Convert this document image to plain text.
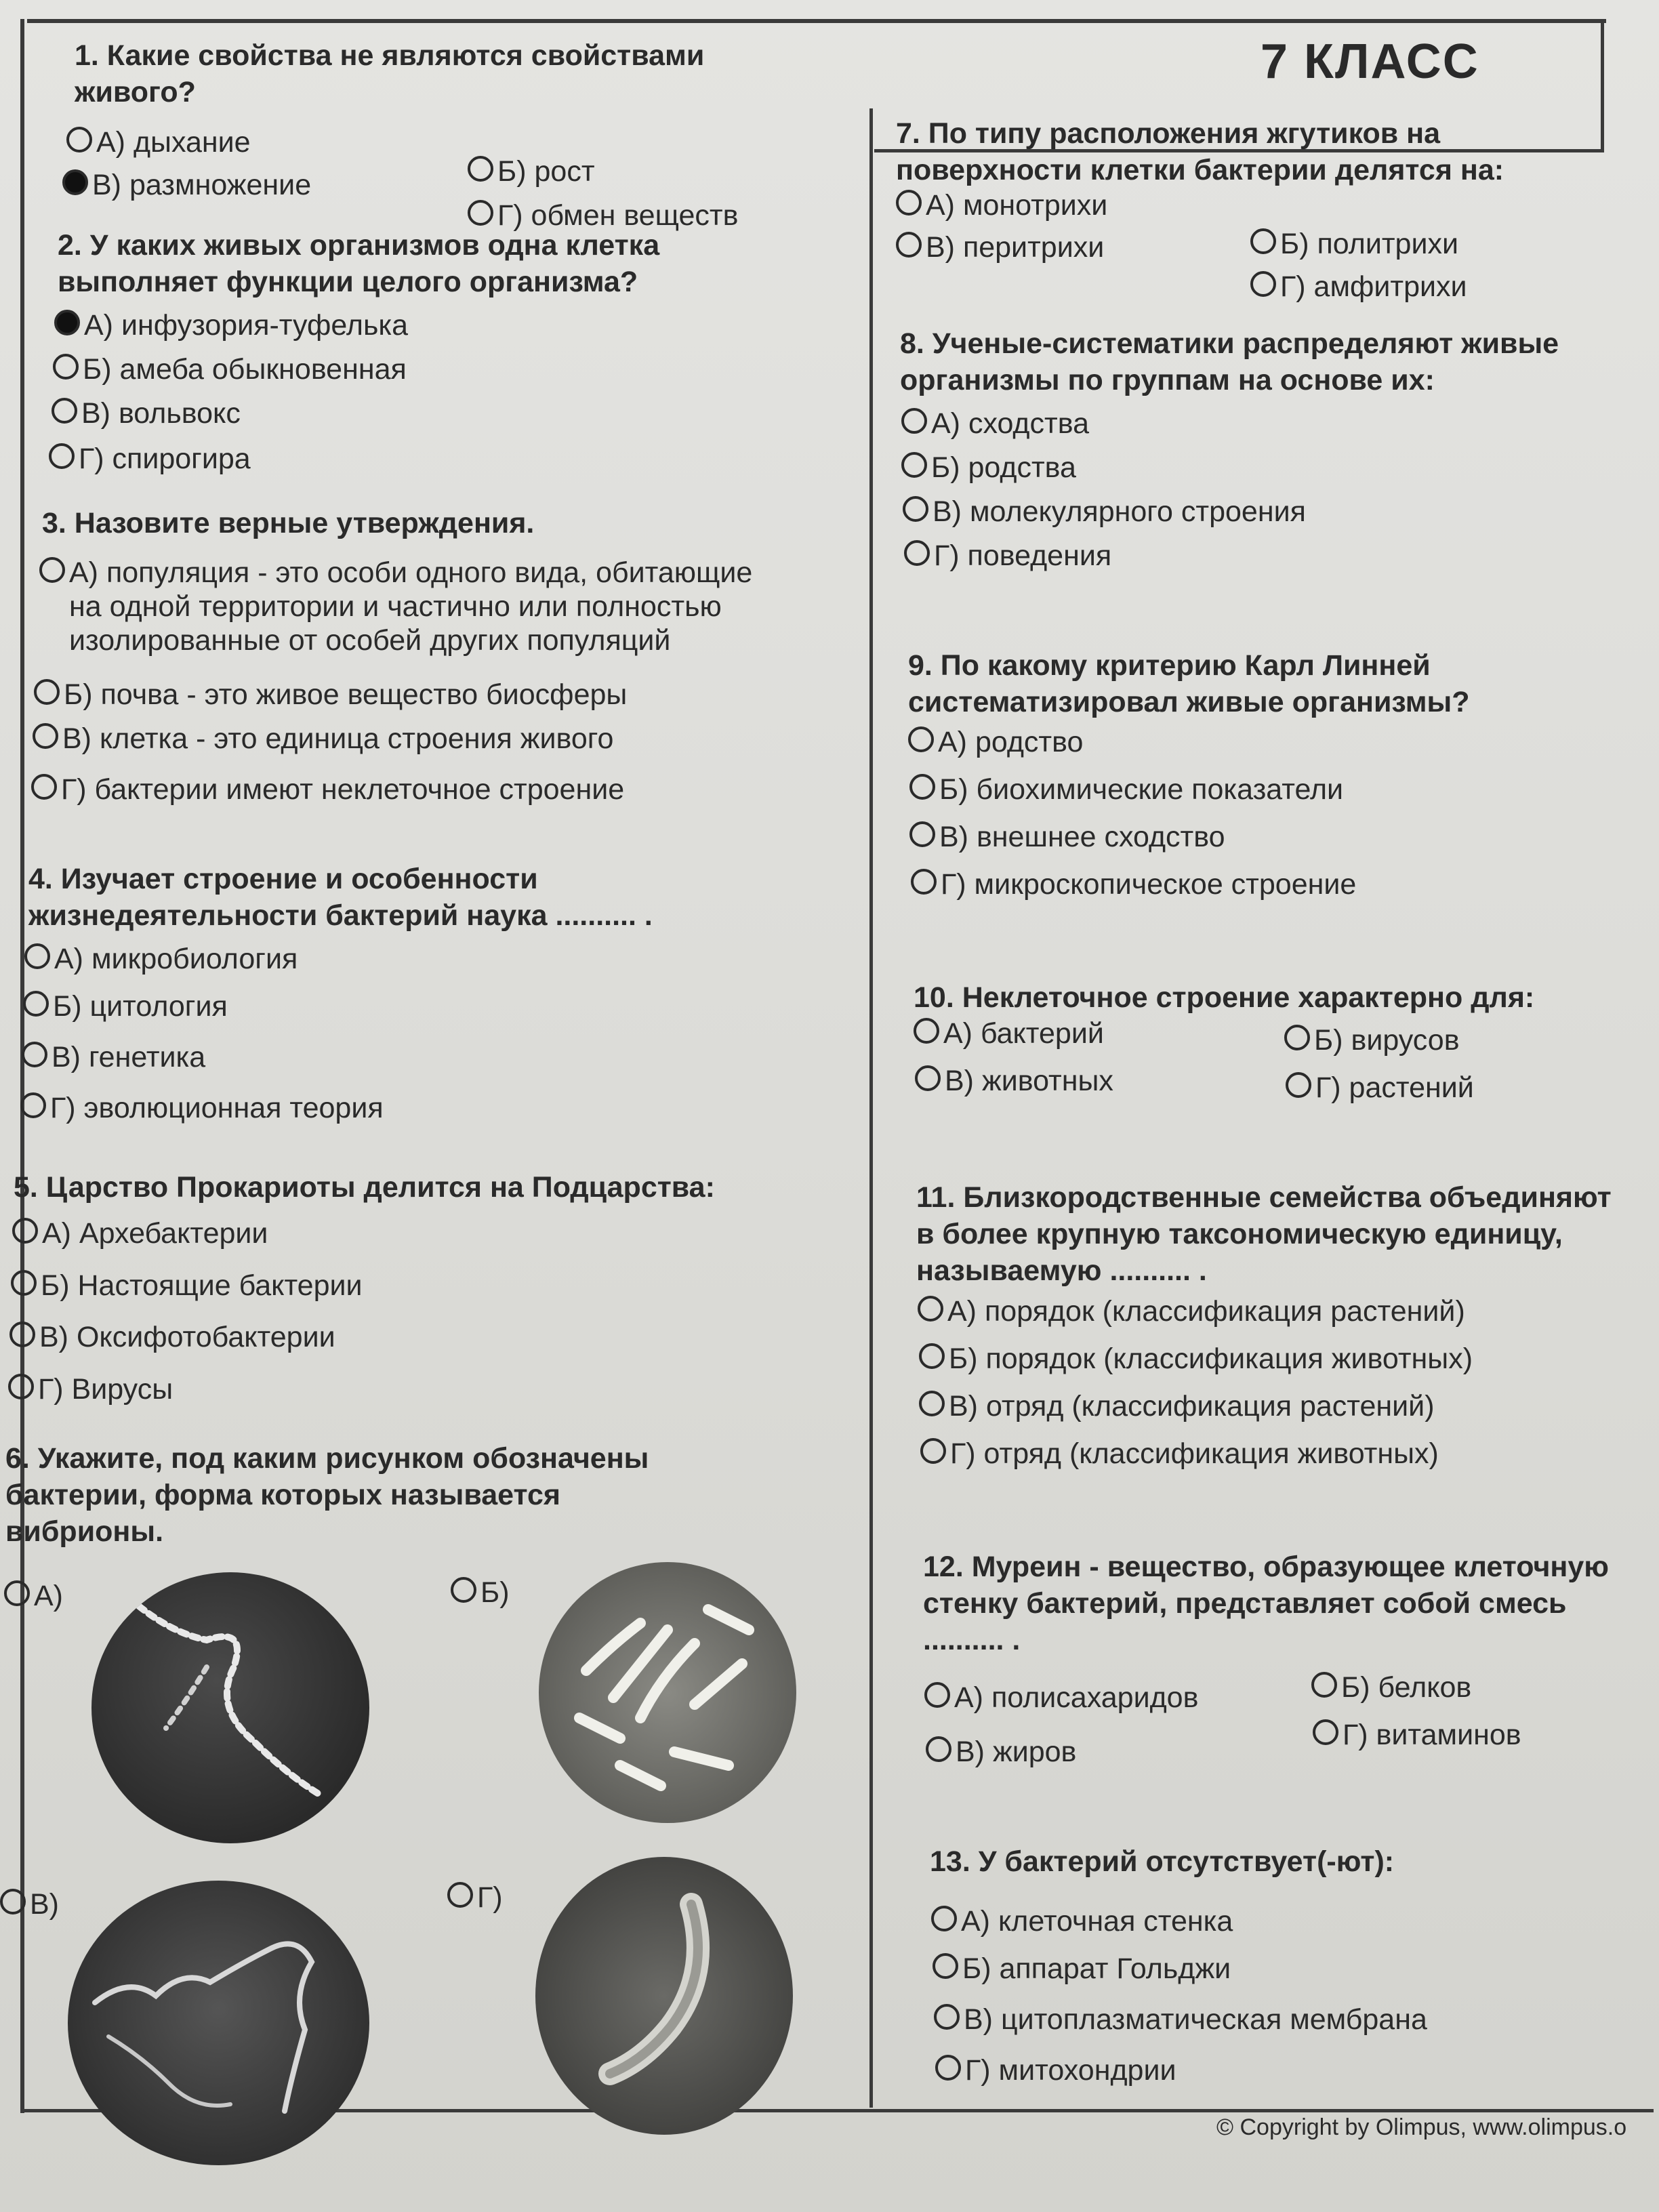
7 КЛАСС
1. Какие свойства не являются свойствами
живого?
А) дыхание
Б) рост
В) размножение
Г) обмен веществ
2. У каких живых организмов одна клетка
выполняет функции целого организма?
А) инфузория-туфелька
Б) амеба обыкновенная
В) вольвокс
Г) спирогира
3. Назовите верные утверждения.
А) популяция - это особи одного вида, обитающие
на одной территории и частично или полностью
изолированные от особей других популяций
Б) почва - это живое вещество биосферы
В) клетка - это единица строения живого
Г) бактерии имеют неклеточное строение
4. Изучает строение и особенности
жизнедеятельности бактерий наука .......... .
А) микробиология
Б) цитология
В) генетика
Г) эволюционная теория
5. Царство Прокариоты делится на Подцарства:
А) Архебактерии
Б) Настоящие бактерии
В) Оксифотобактерии
Г) Вирусы
6. Укажите, под каким рисунком обозначены
бактерии, форма которых называется
вибрионы.
А)	Б)
В)	Г)
7. По типу расположения жгутиков на
поверхности клетки бактерии делятся на:
А) монотрихи
Б) политрихи
В) перитрихи
Г) амфитрихи
8. Ученые-систематики распределяют живые
организмы по группам на основе их:
А) сходства
Б) родства
В) молекулярного строения
Г) поведения
9. По какому критерию Карл Линней
систематизировал живые организмы?
А) родство
Б) биохимические показатели
В) внешнее сходство
Г) микроскопическое строение
10. Неклеточное строение характерно для:
А) бактерий	Б) вирусов
В) животных	Г) растений
11. Близкородственные семейства объединяют
в более крупную таксономическую единицу,
называемую .......... .
А) порядок (классификация растений)
Б) порядок (классификация животных)
В) отряд (классификация растений)
Г) отряд (классификация животных)
12. Муреин - вещество, образующее клеточную
стенку бактерий, представляет собой смесь
.......... .
А) полисахаридов	Б) белков
В) жиров
Г) витаминов
13. У бактерий отсутствует(-ют):
А) клеточная стенка
Б) аппарат Гольджи
В) цитоплазматическая мембрана
Г) митохондрии
© Copyright by Olimpus, www.olimpus.o
